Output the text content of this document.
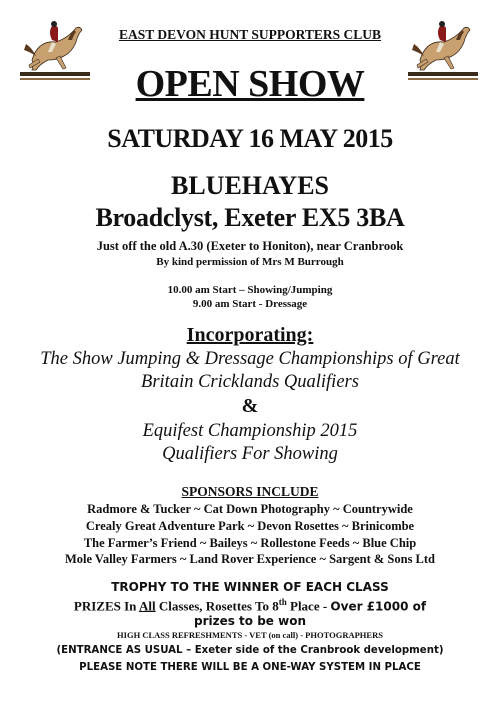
EAST DEVON HUNT SUPPORTERS CLUB
OPEN SHOW
SATURDAY 16 MAY 2015
BLUEHAYES
Broadclyst, Exeter EX5 3BA
Just off the old A.30 (Exeter to Honiton), near Cranbrook
By kind permission of Mrs M Burrough
10.00 am Start – Showing/Jumping
9.00 am Start - Dressage
Incorporating:
The Show Jumping & Dressage Championships of Great
Britain Cricklands Qualifiers
&
Equifest Championship 2015
Qualifiers For Showing
SPONSORS INCLUDE
Radmore & Tucker ~ Cat Down Photography ~ Countrywide
Crealy Great Adventure Park ~ Devon Rosettes ~ Brinicombe
The Farmer’s Friend ~ Baileys ~ Rollestone Feeds ~ Blue Chip
Mole Valley Farmers ~ Land Rover Experience ~ Sargent & Sons Ltd
TROPHY TO THE WINNER OF EACH CLASS
PRIZES In All Classes, Rosettes To 8th Place - Over £1000 of
prizes to be won
HIGH CLASS REFRESHMENTS - VET (on call) - PHOTOGRAPHERS
(ENTRANCE AS USUAL – Exeter side of the Cranbrook development)
PLEASE NOTE THERE WILL BE A ONE-WAY SYSTEM IN PLACE
